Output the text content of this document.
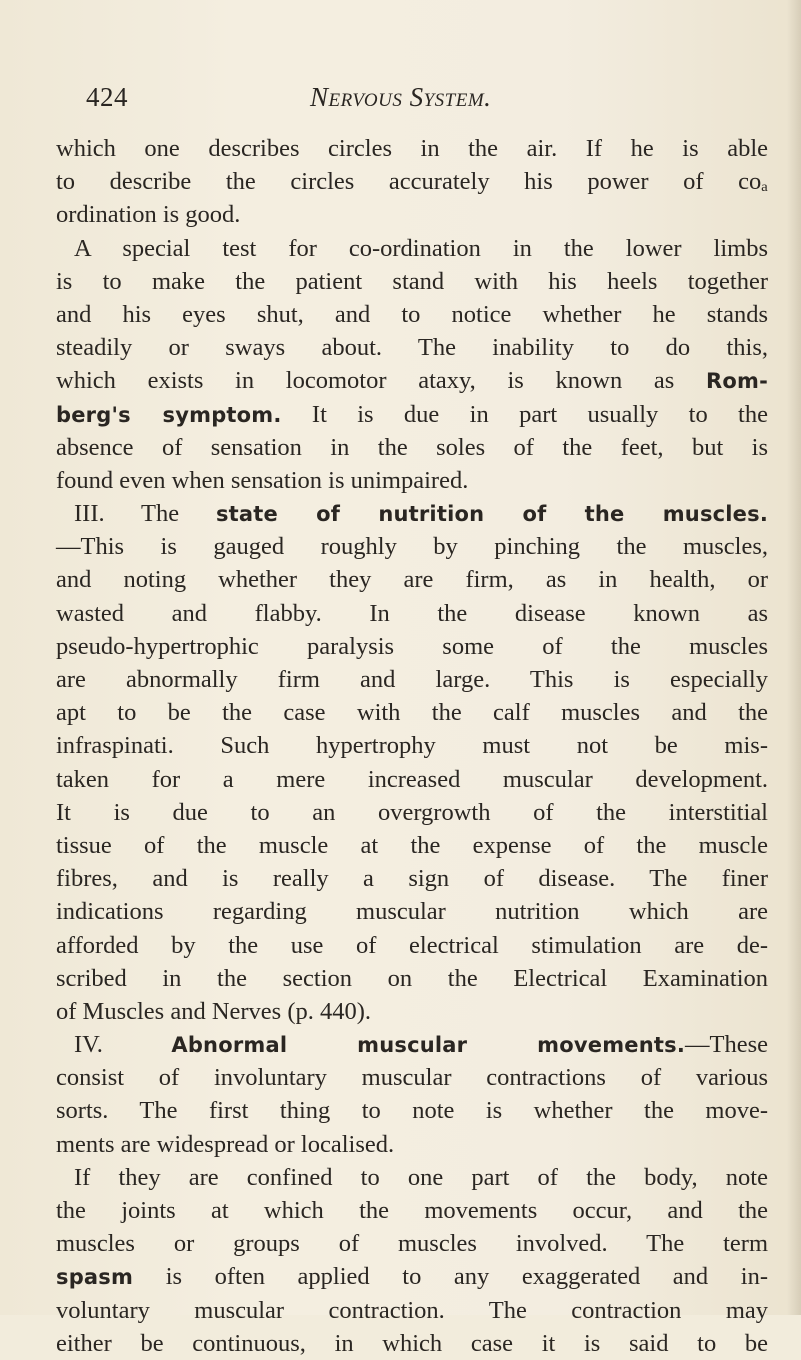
424	Nervous System.
which one describes circles in the air. If he is able
to describe the circles accurately his power of coₐ
ordination is good.
A special test for co-ordination in the lower limbs
is to make the patient stand with his heels together
and his eyes shut, and to notice whether he stands
steadily or sways about. The inability to do this,
which exists in locomotor ataxy, is known as Rom-
berg's symptom. It is due in part usually to the
absence of sensation in the soles of the feet, but is
found even when sensation is unimpaired.
III. The state of nutrition of the muscles.
—This is gauged roughly by pinching the muscles,
and noting whether they are firm, as in health, or
wasted and flabby. In the disease known as
pseudo-hypertrophic paralysis some of the muscles
are abnormally firm and large. This is especially
apt to be the case with the calf muscles and the
infraspinati. Such hypertrophy must not be mis-
taken for a mere increased muscular development.
It is due to an overgrowth of the interstitial
tissue of the muscle at the expense of the muscle
fibres, and is really a sign of disease. The finer
indications regarding muscular nutrition which are
afforded by the use of electrical stimulation are de-
scribed in the section on the Electrical Examination
of Muscles and Nerves (p. 440).
IV. Abnormal muscular movements.—These
consist of involuntary muscular contractions of various
sorts. The first thing to note is whether the move-
ments are widespread or localised.
If they are confined to one part of the body, note
the joints at which the movements occur, and the
muscles or groups of muscles involved. The term
spasm is often applied to any exaggerated and in-
voluntary muscular contraction. The contraction may
either be continuous, in which case it is said to be
